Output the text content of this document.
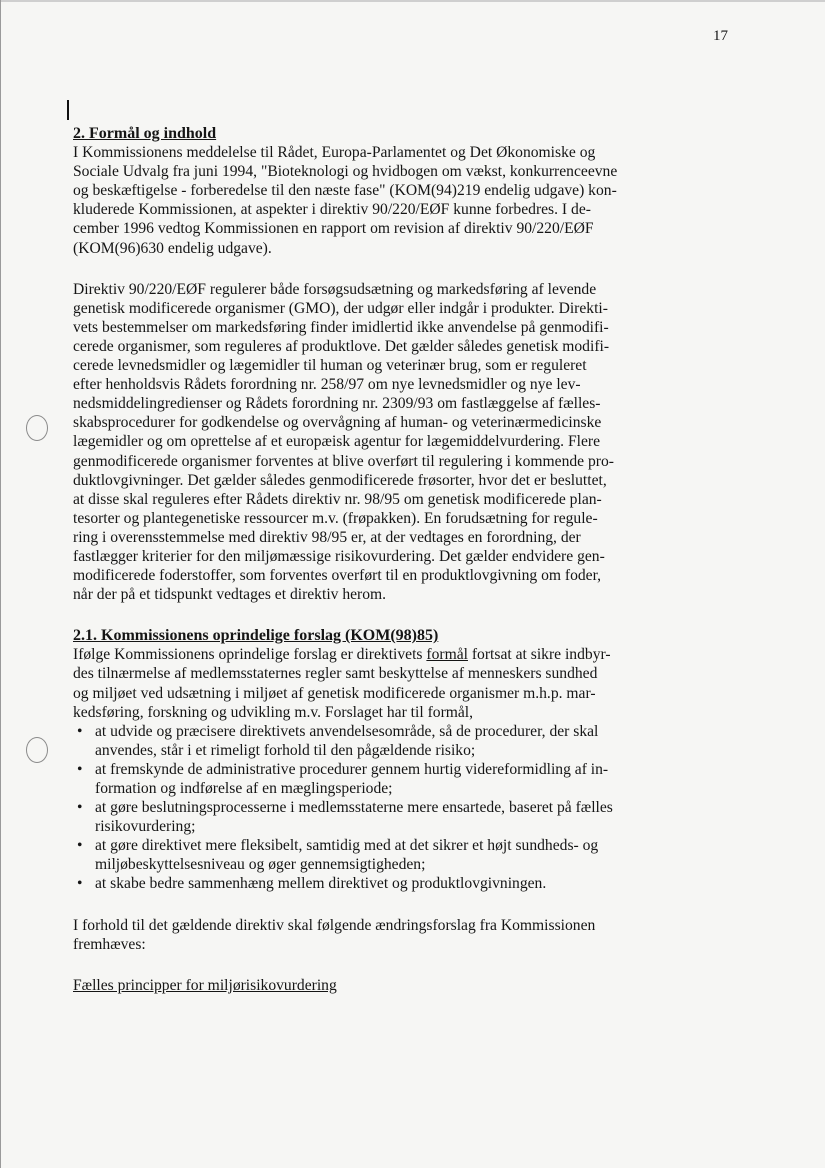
17
2. Formål og indhold
I Kommissionens meddelelse til Rådet, Europa-Parlamentet og Det Økonomiske og
Sociale Udvalg fra juni 1994, "Bioteknologi og hvidbogen om vækst, konkurrenceevne
og beskæftigelse - forberedelse til den næste fase" (KOM(94)219 endelig udgave) kon-
kluderede Kommissionen, at aspekter i direktiv 90/220/EØF kunne forbedres. I de-
cember 1996 vedtog Kommissionen en rapport om revision af direktiv 90/220/EØF
(KOM(96)630 endelig udgave).
Direktiv 90/220/EØF regulerer både forsøgsudsætning og markedsføring af levende
genetisk modificerede organismer (GMO), der udgør eller indgår i produkter. Direkti-
vets bestemmelser om markedsføring finder imidlertid ikke anvendelse på genmodifi-
cerede organismer, som reguleres af produktlove. Det gælder således genetisk modifi-
cerede levnedsmidler og lægemidler til human og veterinær brug, som er reguleret
efter henholdsvis Rådets forordning nr. 258/97 om nye levnedsmidler og nye lev-
nedsmiddelingredienser og Rådets forordning nr. 2309/93 om fastlæggelse af fælles-
skabsprocedurer for godkendelse og overvågning af human- og veterinærmedicinske
lægemidler og om oprettelse af et europæisk agentur for lægemiddelvurdering. Flere
genmodificerede organismer forventes at blive overført til regulering i kommende pro-
duktlovgivninger. Det gælder således genmodificerede frøsorter, hvor det er besluttet,
at disse skal reguleres efter Rådets direktiv nr. 98/95 om genetisk modificerede plan-
tesorter og plantegenetiske ressourcer m.v. (frøpakken). En forudsætning for regule-
ring i overensstemmelse med direktiv 98/95 er, at der vedtages en forordning, der
fastlægger kriterier for den miljømæssige risikovurdering. Det gælder endvidere gen-
modificerede foderstoffer, som forventes overført til en produktlovgivning om foder,
når der på et tidspunkt vedtages et direktiv herom.
2.1. Kommissionens oprindelige forslag (KOM(98)85)
Ifølge Kommissionens oprindelige forslag er direktivets formål fortsat at sikre indbyr-
des tilnærmelse af medlemsstaternes regler samt beskyttelse af menneskers sundhed
og miljøet ved udsætning i miljøet af genetisk modificerede organismer m.h.p. mar-
kedsføring, forskning og udvikling m.v. Forslaget har til formål,
• at udvide og præcisere direktivets anvendelsesområde, så de procedurer, der skal
anvendes, står i et rimeligt forhold til den pågældende risiko;
• at fremskynde de administrative procedurer gennem hurtig videreformidling af in-
formation og indførelse af en mæglingsperiode;
• at gøre beslutningsprocesserne i medlemsstaterne mere ensartede, baseret på fælles
risikovurdering;
• at gøre direktivet mere fleksibelt, samtidig med at det sikrer et højt sundheds- og
miljøbeskyttelsesniveau og øger gennemsigtigheden;
• at skabe bedre sammenhæng mellem direktivet og produktlovgivningen.
I forhold til det gældende direktiv skal følgende ændringsforslag fra Kommissionen
fremhæves:
Fælles principper for miljørisikovurdering
